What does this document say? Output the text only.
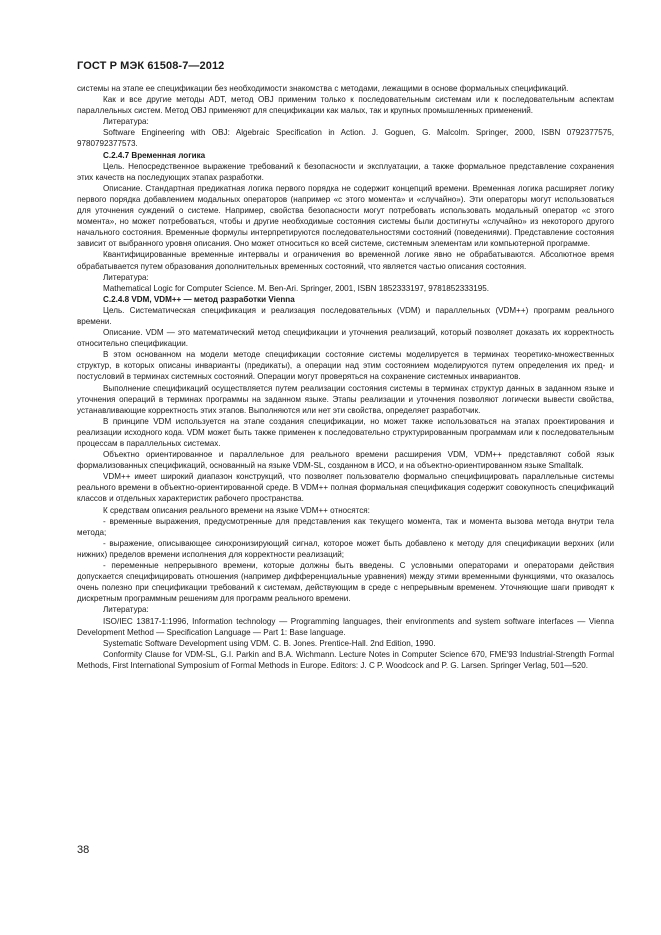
ГОСТ Р МЭК 61508-7—2012

системы на этапе ее спецификации без необходимости знакомства с методами, лежащими в основе формальных спецификаций.

Как и все другие методы ADT, метод OBJ применим только к последовательным системам или к последовательным аспектам параллельных систем. Метод OBJ применяют для спецификации как малых, так и крупных промышленных применений.

Литература:

Software Engineering with OBJ: Algebraic Specification in Action. J. Goguen, G. Malcolm. Springer, 2000, ISBN 0792377575, 9780792377573.

C.2.4.7 Временная логика

Цель. Непосредственное выражение требований к безопасности и эксплуатации, а также формальное представление сохранения этих качеств на последующих этапах разработки.

Описание. Стандартная предикатная логика первого порядка не содержит концепций времени. Временная логика расширяет логику первого порядка добавлением модальных операторов (например «с этого момента» и «случайно»). Эти операторы могут использоваться для уточнения суждений о системе. Например, свойства безопасности могут потребовать использовать модальный оператор «с этого момента», но может потребоваться, чтобы и другие необходимые состояния системы были достигнуты «случайно» из некоторого другого начального состояния. Временные формулы интерпретируются последовательностями состояний (поведениями). Представление состояния зависит от выбранного уровня описания. Оно может относиться ко всей системе, системным элементам или компьютерной программе.

Квантифицированные временные интервалы и ограничения во временной логике явно не обрабатываются. Абсолютное время обрабатывается путем образования дополнительных временных состояний, что является частью описания состояния.

Литература:

Mathematical Logic for Computer Science. M. Ben-Ari. Springer, 2001, ISBN 1852333197, 9781852333195.

C.2.4.8 VDM, VDM++ — метод разработки Vienna

Цель. Систематическая спецификация и реализация последовательных (VDM) и параллельных (VDM++) программ реального времени.

Описание. VDM — это математический метод спецификации и уточнения реализаций, который позволяет доказать их корректность относительно спецификации.

В этом основанном на модели методе спецификации состояние системы моделируется в терминах теоретико-множественных структур, в которых описаны инварианты (предикаты), а операции над этим состоянием моделируются путем определения их пред- и постусловий в терминах системных состояний. Операции могут проверяться на сохранение системных инвариантов.

Выполнение спецификаций осуществляется путем реализации состояния системы в терминах структур данных в заданном языке и уточнения операций в терминах программы на заданном языке. Этапы реализации и уточнения позволяют логически вывести свойства, устанавливающие корректность этих этапов. Выполняются или нет эти свойства, определяет разработчик.

В принципе VDM используется на этапе создания спецификации, но может также использоваться на этапах проектирования и реализации исходного кода. VDM может быть также применен к последовательно структурированным программам или к последовательным процессам в параллельных системах.

Объектно ориентированное и параллельное для реального времени расширения VDM, VDM++ представляют собой язык формализованных спецификаций, основанный на языке VDM-SL, созданном в ИСО, и на объектно-ориентированном языке Smalltalk.

VDM++ имеет широкий диапазон конструкций, что позволяет пользователю формально специфицировать параллельные системы реального времени в объектно-ориентированной среде. В VDM++ полная формальная спецификация содержит совокупность спецификаций классов и отдельных характеристик рабочего пространства.

К средствам описания реального времени на языке VDM++ относятся:

- временные выражения, предусмотренные для представления как текущего момента, так и момента вызова метода внутри тела метода;

- выражение, описывающее синхронизирующий сигнал, которое может быть добавлено к методу для спецификации верхних (или нижних) пределов времени исполнения для корректности реализаций;

- переменные непрерывного времени, которые должны быть введены. С условными операторами и операторами действия допускается специфицировать отношения (например дифференциальные уравнения) между этими временными функциями, что оказалось очень полезно при спецификации требований к системам, действующим в среде с непрерывным временем. Уточняющие шаги приводят к дискретным программным решениям для программ реального времени.

Литература:

ISO/IEC 13817-1:1996, Information technology — Programming languages, their environments and system software interfaces — Vienna Development Method — Specification Language — Part 1: Base language.

Systematic Software Development using VDM. C. B. Jones. Prentice-Hall. 2nd Edition, 1990.

Conformity Clause for VDM-SL, G.I. Parkin and B.A. Wichmann. Lecture Notes in Computer Science 670, FME'93 Industrial-Strength Formal Methods, First International Symposium of Formal Methods in Europe. Editors: J. C P. Woodcock and P. G. Larsen. Springer Verlag, 501—520.

38
